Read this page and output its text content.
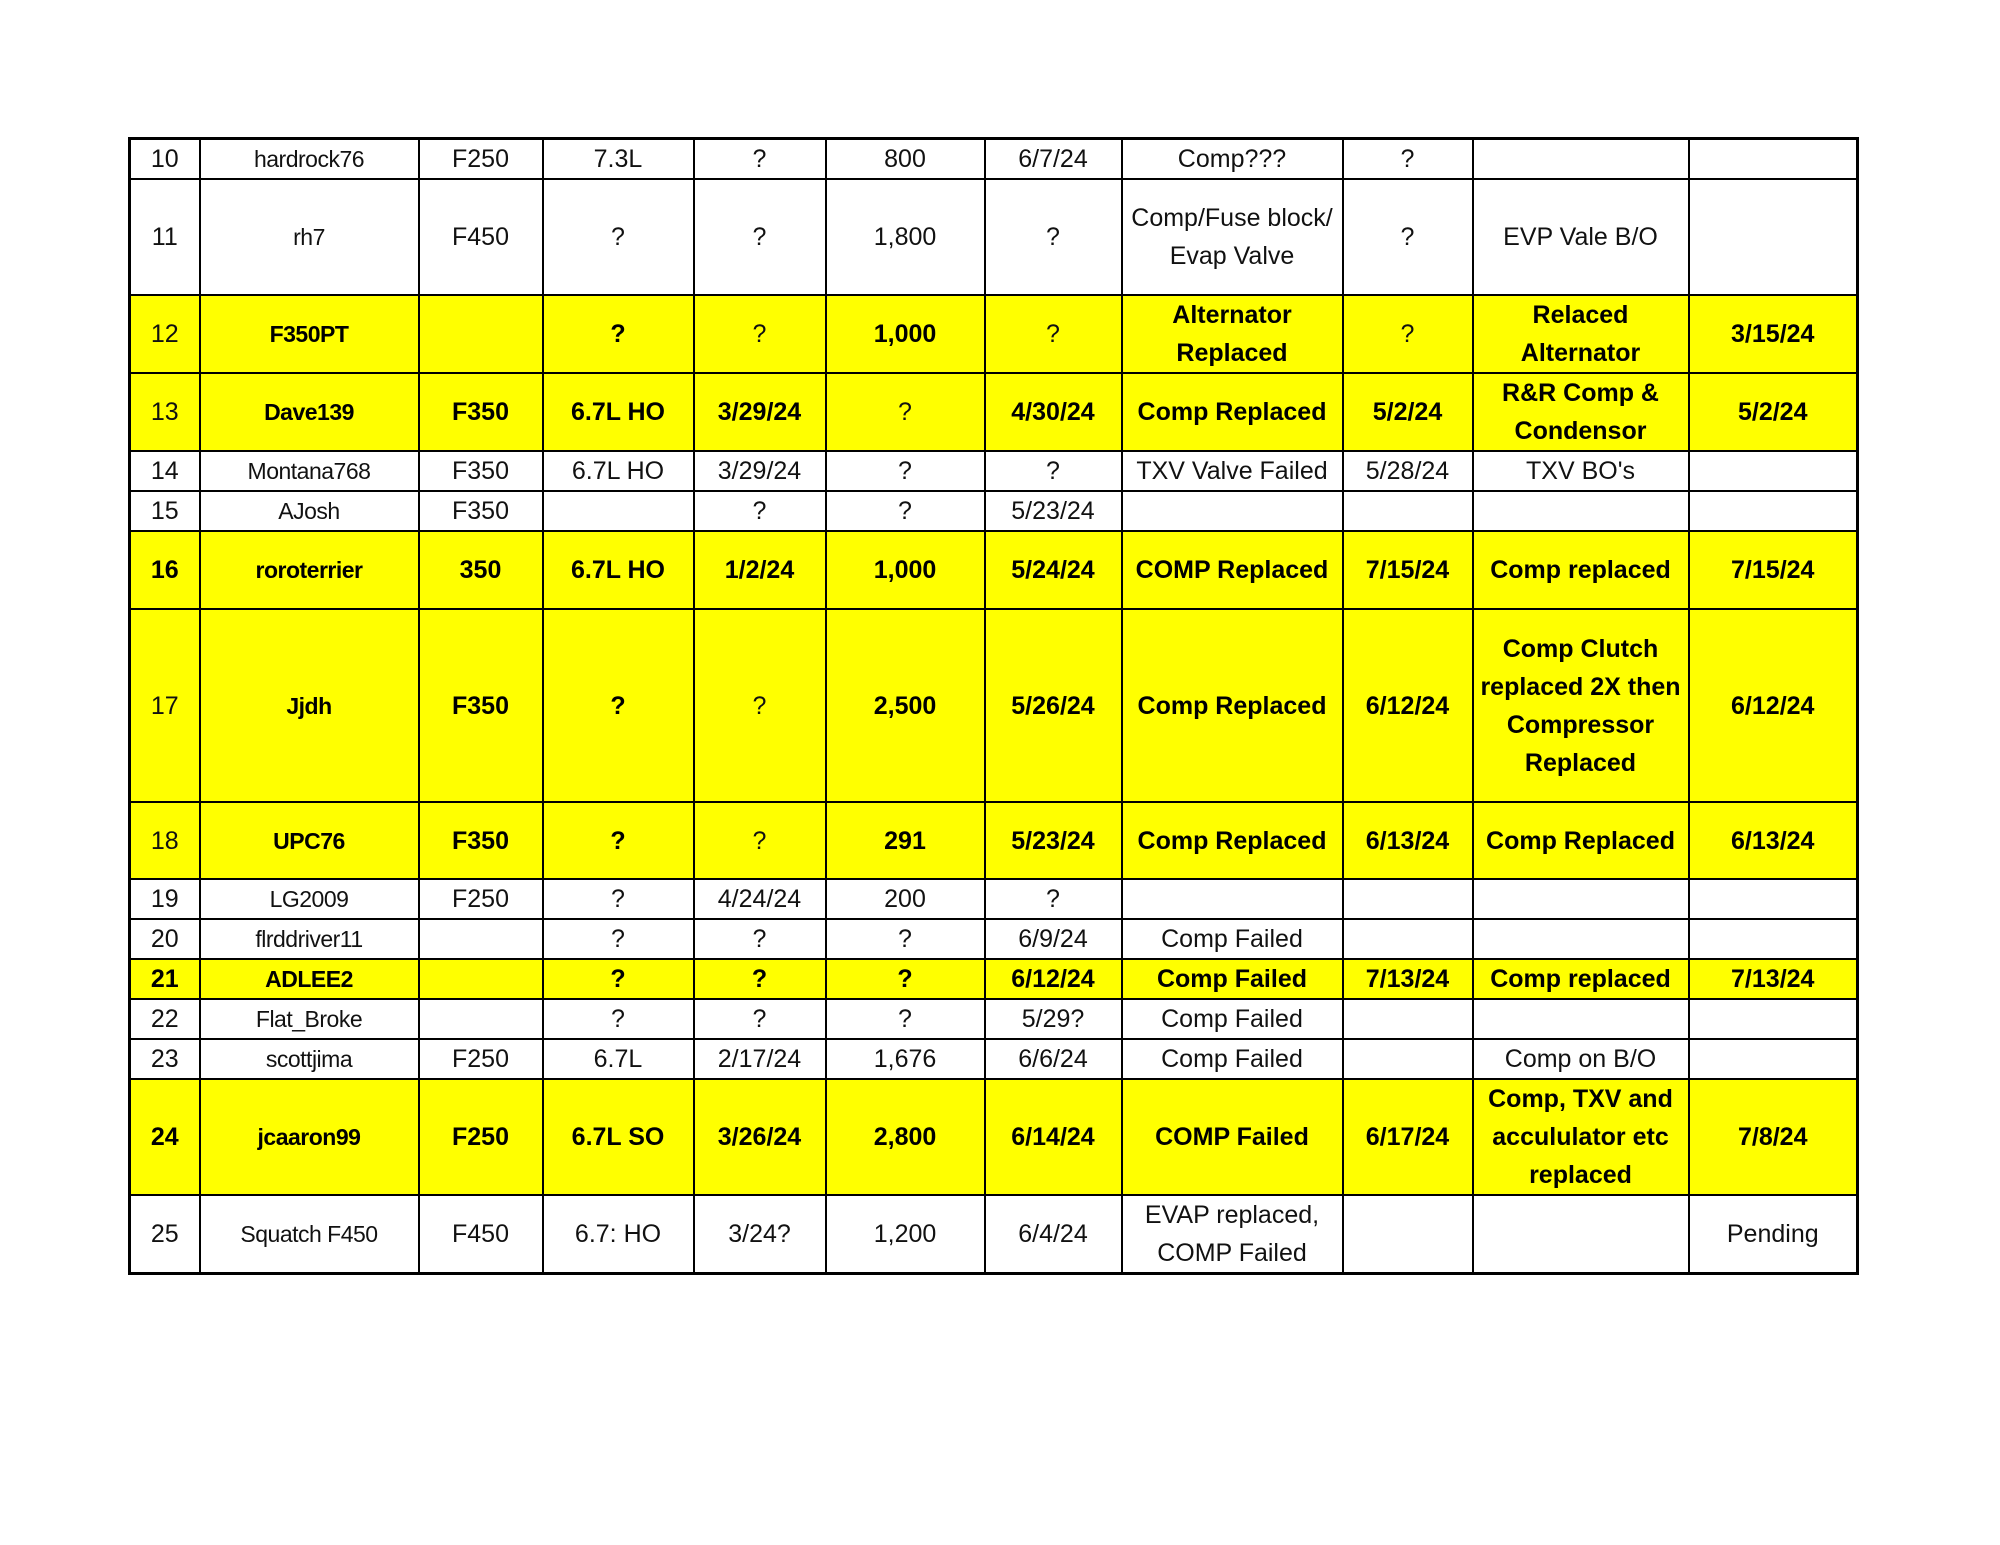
10	hardrock76	F250	7.3L	?	800	6/7/24	Comp???	?		
11	rh7	F450	?	?	1,800	?	Comp/Fuse block/ Evap Valve	?	EVP Vale B/O	
12	F350PT		?	?	1,000	?	Alternator Replaced	?	Relaced Alternator	3/15/24
13	Dave139	F350	6.7L HO	3/29/24	?	4/30/24	Comp Replaced	5/2/24	R&R Comp & Condensor	5/2/24
14	Montana768	F350	6.7L HO	3/29/24	?	?	TXV Valve Failed	5/28/24	TXV BO's	
15	AJosh	F350		?	?	5/23/24				
16	roroterrier	350	6.7L HO	1/2/24	1,000	5/24/24	COMP Replaced	7/15/24	Comp replaced	7/15/24
17	Jjdh	F350	?	?	2,500	5/26/24	Comp Replaced	6/12/24	Comp Clutch replaced 2X then Compressor Replaced	6/12/24
18	UPC76	F350	?	?	291	5/23/24	Comp Replaced	6/13/24	Comp Replaced	6/13/24
19	LG2009	F250	?	4/24/24	200	?				
20	flrddriver11		?	?	?	6/9/24	Comp Failed			
21	ADLEE2		?	?	?	6/12/24	Comp Failed	7/13/24	Comp replaced	7/13/24
22	Flat_Broke		?	?	?	5/29?	Comp Failed			
23	scottjima	F250	6.7L	2/17/24	1,676	6/6/24	Comp Failed		Comp on B/O	
24	jcaaron99	F250	6.7L SO	3/26/24	2,800	6/14/24	COMP Failed	6/17/24	Comp, TXV and accululator etc replaced	7/8/24
25	Squatch F450	F450	6.7: HO	3/24?	1,200	6/4/24	EVAP replaced, COMP Failed			Pending
